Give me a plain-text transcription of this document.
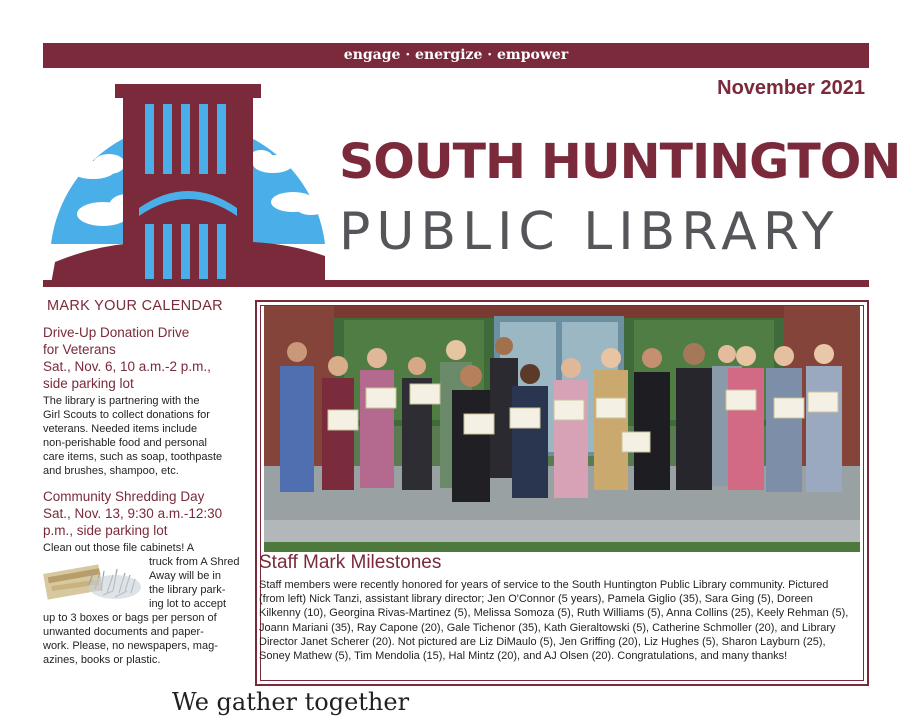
engage · energize · empower
November 2021
SOUTH HUNTINGTON
PUBLIC LIBRARY
MARK YOUR CALENDAR
Drive-Up Donation Drive
for Veterans
Sat., Nov. 6, 10 a.m.-2 p.m.,
side parking lot
The library is partnering with the
Girl Scouts to collect donations for
veterans. Needed items include
non-perishable food and personal
care items, such as soap, toothpaste
and brushes, shampoo, etc.
Community Shredding Day
Sat., Nov. 13, 9:30 a.m.-12:30
p.m., side parking lot
Clean out those file cabinets! A
truck from A Shred
Away will be in
the library park-
ing lot to accept
up to 3 boxes or bags per person of
unwanted documents and paper-
work. Please, no newspapers, mag-
azines, books or plastic.
Staff Mark Milestones
Staff members were recently honored for years of service to the South Huntington Public Library community. Pictured (from left) Nick Tanzi, assistant library director; Jen O'Connor (5 years), Pamela Giglio (35), Sara Ging (5), Doreen Kilkenny (10), Georgina Rivas-Martinez (5), Melissa Somoza (5), Ruth Williams (5), Anna Collins (25), Keely Rehman (5), Joann Mariani (35), Ray Capone (20), Gale Tichenor (35), Kath Gieraltowski (5), Catherine Schmoller (20), and Library Director Janet Scherer (20). Not pictured are Liz DiMaulo (5), Jen Griffing (20), Liz Hughes (5), Sharon Layburn (25), Soney Mathew (5), Tim Mendolia (15), Hal Mintz (20), and AJ Olsen (20). Congratulations, and many thanks!
We gather together
